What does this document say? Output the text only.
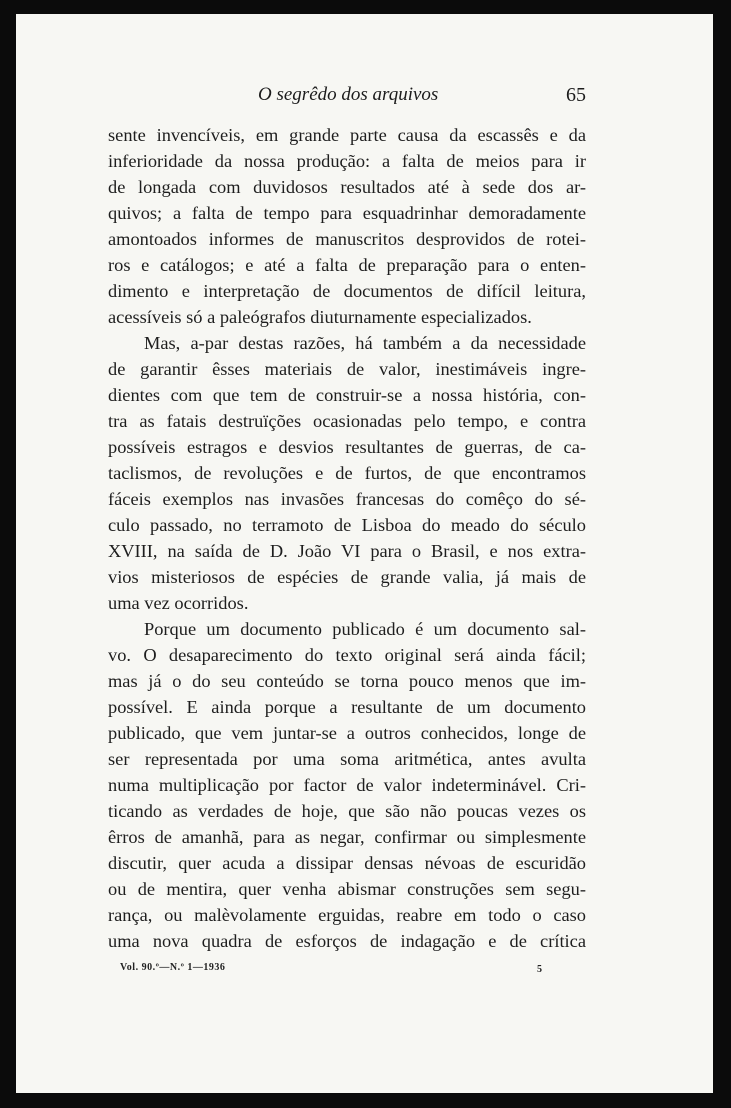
O segrêdo dos arquivos	65
sente invencíveis, em grande parte causa da escassês e da
inferioridade da nossa produção: a falta de meios para ir
de longada com duvidosos resultados até à sede dos ar-
quivos; a falta de tempo para esquadrinhar demoradamente
amontoados informes de manuscritos desprovidos de rotei-
ros e catálogos; e até a falta de preparação para o enten-
dimento e interpretação de documentos de difícil leitura,
acessíveis só a paleógrafos diuturnamente especializados.
Mas, a-par destas razões, há também a da necessidade
de garantir êsses materiais de valor, inestimáveis ingre-
dientes com que tem de construir-se a nossa história, con-
tra as fatais destruïções ocasionadas pelo tempo, e contra
possíveis estragos e desvios resultantes de guerras, de ca-
taclismos, de revoluções e de furtos, de que encontramos
fáceis exemplos nas invasões francesas do comêço do sé-
culo passado, no terramoto de Lisboa do meado do século
XVIII, na saída de D. João VI para o Brasil, e nos extra-
vios misteriosos de espécies de grande valia, já mais de
uma vez ocorridos.
Porque um documento publicado é um documento sal-
vo. O desaparecimento do texto original será ainda fácil;
mas já o do seu conteúdo se torna pouco menos que im-
possível. E ainda porque a resultante de um documento
publicado, que vem juntar-se a outros conhecidos, longe de
ser representada por uma soma aritmética, antes avulta
numa multiplicação por factor de valor indeterminável. Cri-
ticando as verdades de hoje, que são não poucas vezes os
êrros de amanhã, para as negar, confirmar ou simplesmente
discutir, quer acuda a dissipar densas névoas de escuridão
ou de mentira, quer venha abismar construções sem segu-
rança, ou malèvolamente erguidas, reabre em todo o caso
uma nova quadra de esforços de indagação e de crítica
Vol. 90.º—N.º 1—1936	5
